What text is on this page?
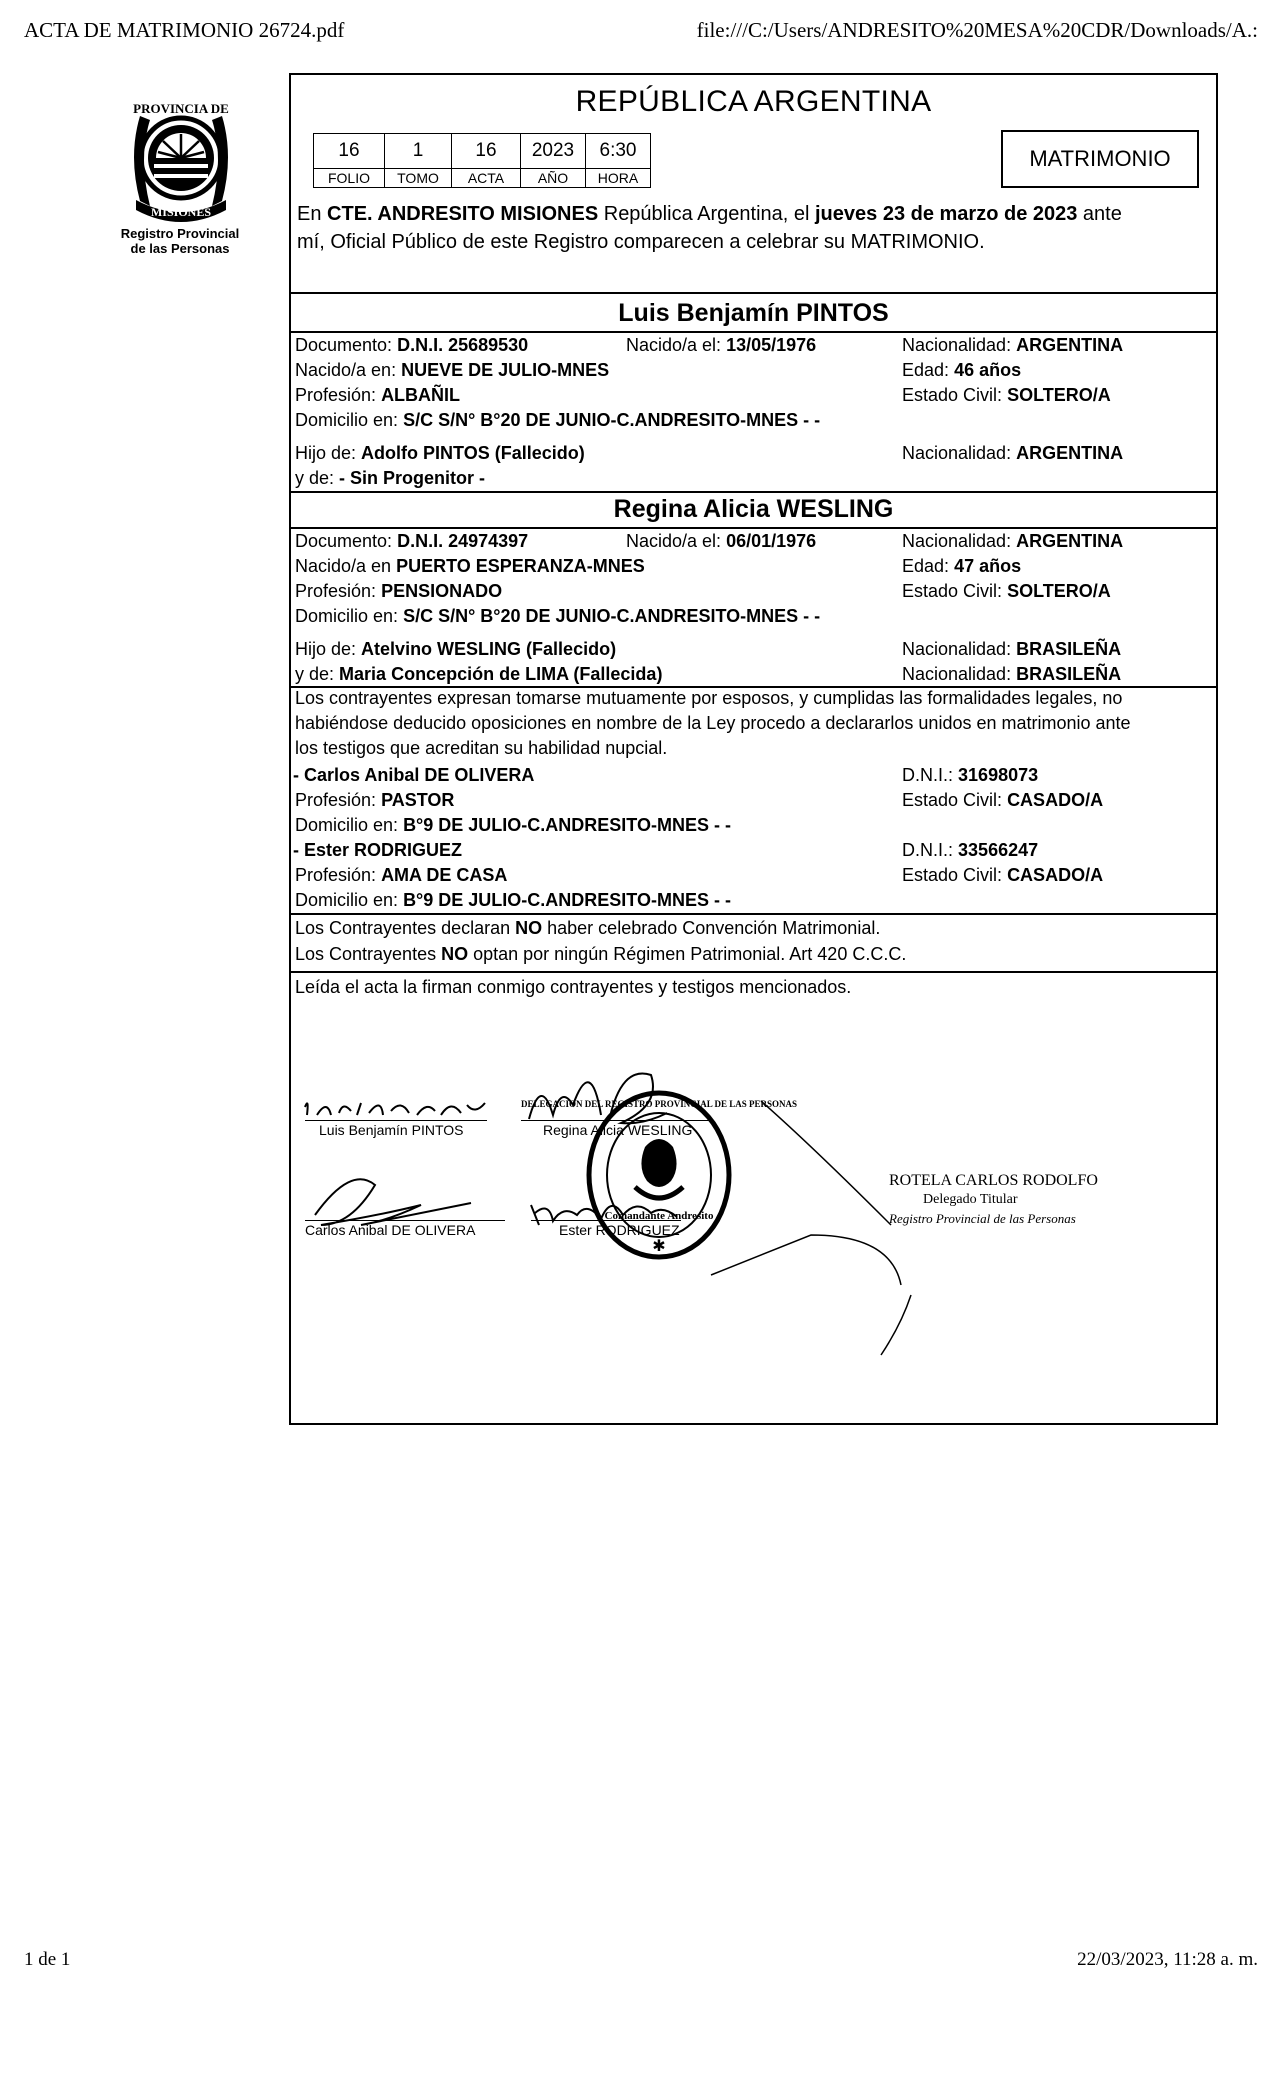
ACTA DE MATRIMONIO 26724.pdf	file:///C:/Users/ANDRESITO%20MESA%20CDR/Downloads/A.:
1 de 1	22/03/2023, 11:28 a. m.
PROVINCIA DE
MISIONES
Registro Provincial
de las Personas
REPÚBLICA ARGENTINA
16	1	16	2023	6:30
FOLIO	TOMO	ACTA	AÑO	HORA
MATRIMONIO
En CTE. ANDRESITO MISIONES República Argentina, el jueves 23 de marzo de 2023 ante
mí, Oficial Público de este Registro comparecen a celebrar su MATRIMONIO.
Luis Benjamín PINTOS
Documento: D.N.I. 25689530	Nacido/a el: 13/05/1976	Nacionalidad: ARGENTINA
Nacido/a en: NUEVE DE JULIO-MNES	Edad: 46 años
Profesión: ALBAÑIL	Estado Civil: SOLTERO/A
Domicilio en: S/C S/N° B°20 DE JUNIO-C.ANDRESITO-MNES - -
Hijo de: Adolfo PINTOS (Fallecido)	Nacionalidad: ARGENTINA
y de: - Sin Progenitor -
Regina Alicia WESLING
Documento: D.N.I. 24974397	Nacido/a el: 06/01/1976	Nacionalidad: ARGENTINA
Nacido/a en PUERTO ESPERANZA-MNES	Edad: 47 años
Profesión: PENSIONADO	Estado Civil: SOLTERO/A
Domicilio en: S/C S/N° B°20 DE JUNIO-C.ANDRESITO-MNES - -
Hijo de: Atelvino WESLING (Fallecido)	Nacionalidad: BRASILEÑA
y de: Maria Concepción de LIMA (Fallecida)	Nacionalidad: BRASILEÑA
Los contrayentes expresan tomarse mutuamente por esposos, y cumplidas las formalidades legales, no
habiéndose deducido oposiciones en nombre de la Ley procedo a declararlos unidos en matrimonio ante
los testigos que acreditan su habilidad nupcial.
- Carlos Anibal DE OLIVERA	D.N.I.: 31698073
Profesión: PASTOR	Estado Civil: CASADO/A
Domicilio en: B°9 DE JULIO-C.ANDRESITO-MNES - -
- Ester RODRIGUEZ	D.N.I.: 33566247
Profesión: AMA DE CASA	Estado Civil: CASADO/A
Domicilio en: B°9 DE JULIO-C.ANDRESITO-MNES - -
Los Contrayentes declaran NO haber celebrado Convención Matrimonial.
Los Contrayentes NO optan por ningún Régimen Patrimonial. Art 420 C.C.C.
Leída el acta la firman conmigo contrayentes y testigos mencionados.
Comandante Andresito
DELEGACION DEL REGISTRO PROVINCIAL DE LAS PERSONAS
✱
Luis Benjamín PINTOS	Regina Alicia WESLING
Carlos Anibal DE OLIVERA	Ester RODRIGUEZ
ROTELA CARLOS RODOLFO
Delegado Titular
Registro Provincial de las Personas
